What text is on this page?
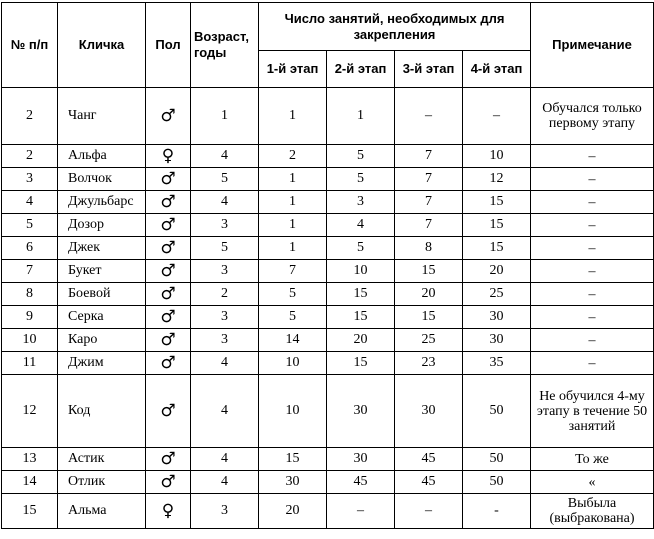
№ п/п	Кличка	Пол	Возраст, годы	Число занятий, необходимых для закрепления				Примечание
				1-й этап	2-й этап	3-й этап	4-й этап	
2	Чанг	♂	1	1	1	–	–	Обучался только первому этапу
2	Альфа	♀	4	2	5	7	10	–
3	Волчок	♂	5	1	5	7	12	–
4	Джульбарс	♂	4	1	3	7	15	–
5	Дозор	♂	3	1	4	7	15	–
6	Джек	♂	5	1	5	8	15	–
7	Букет	♂	3	7	10	15	20	–
8	Боевой	♂	2	5	15	20	25	–
9	Серка	♂	3	5	15	15	30	–
10	Каро	♂	3	14	20	25	30	–
11	Джим	♂	4	10	15	23	35	–
12	Код	♂	4	10	30	30	50	Не обучился 4-му этапу в течение 50 занятий
13	Астик	♂	4	15	30	45	50	То же
14	Отлик	♂	4	30	45	45	50	«
15	Альма	♀	3	20	–	–	-	Выбыла (выбракована)
